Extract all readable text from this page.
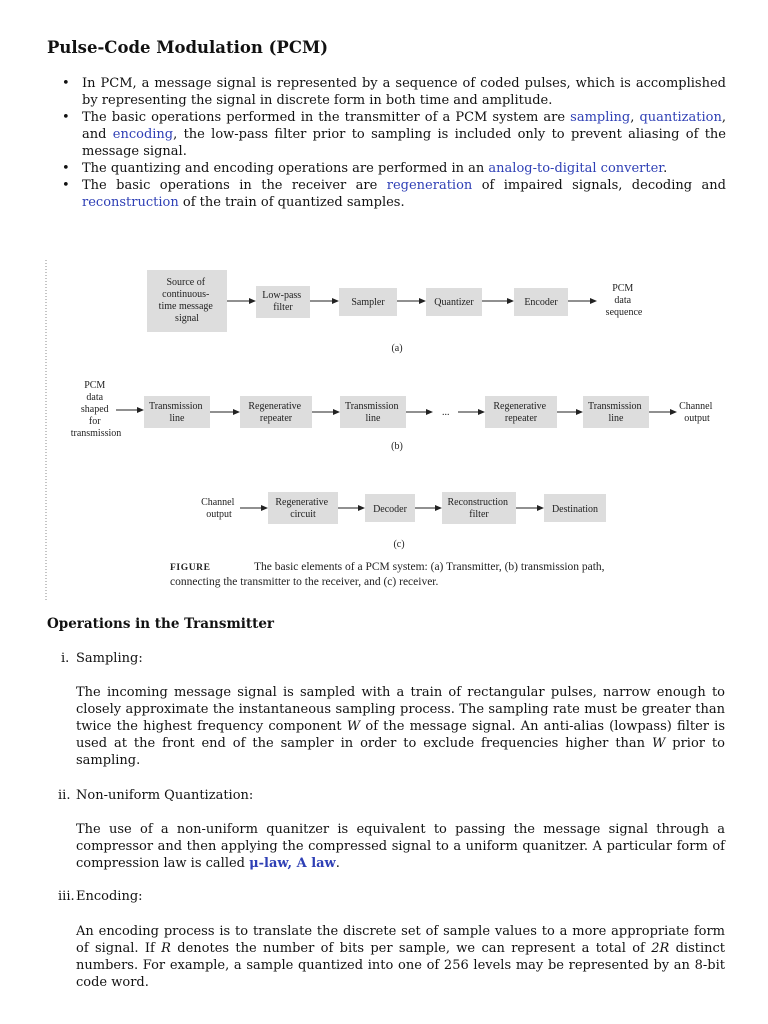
Pulse-Code Modulation (PCM)
• In PCM, a message signal is represented by a sequence of coded pulses, which is accomplished by representing the signal in discrete form in both time and amplitude.
• The basic operations performed in the transmitter of a PCM system are sampling, quantization, and encoding, the low-pass filter prior to sampling is included only to prevent aliasing of the message signal.
• The quantizing and encoding operations are performed in an analog-to-digital converter.
• The basic operations in the receiver are regeneration of impaired signals, decoding and reconstruction of the train of quantized samples.
Source of continuous- time message signal
Low-pass filter	Sampler	Quantizer	Encoder
PCM data sequence
(a)
PCM data shaped for transmission
Transmission line
Regenerative repeater
Transmission line
...
Regenerative repeater
Transmission line
Channel output
(b)
Channel output
Regenerative circuit	Decoder
Reconstruction filter	Destination
(c)
FIGURE	The basic elements of a PCM system: (a) Transmitter, (b) transmission path,
connecting the transmitter to the receiver, and (c) receiver.
Operations in the Transmitter
i. Sampling:

The incoming message signal is sampled with a train of rectangular pulses, narrow enough to closely approximate the instantaneous sampling process. The sampling rate must be greater than twice the highest frequency component W of the message signal. An anti-alias (lowpass) filter is used at the front end of the sampler in order to exclude frequencies higher than W prior to sampling.

ii. Non-uniform Quantization:

The use of a non-uniform quanitzer is equivalent to passing the message signal through a compressor and then applying the compressed signal to a uniform quanitzer. A particular form of compression law is called μ-law, A law.

iii. Encoding:

An encoding process is to translate the discrete set of sample values to a more appropriate form of signal. If R denotes the number of bits per sample, we can represent a total of 2R distinct numbers. For example, a sample quantized into one of 256 levels may be represented by an 8-bit code word.
